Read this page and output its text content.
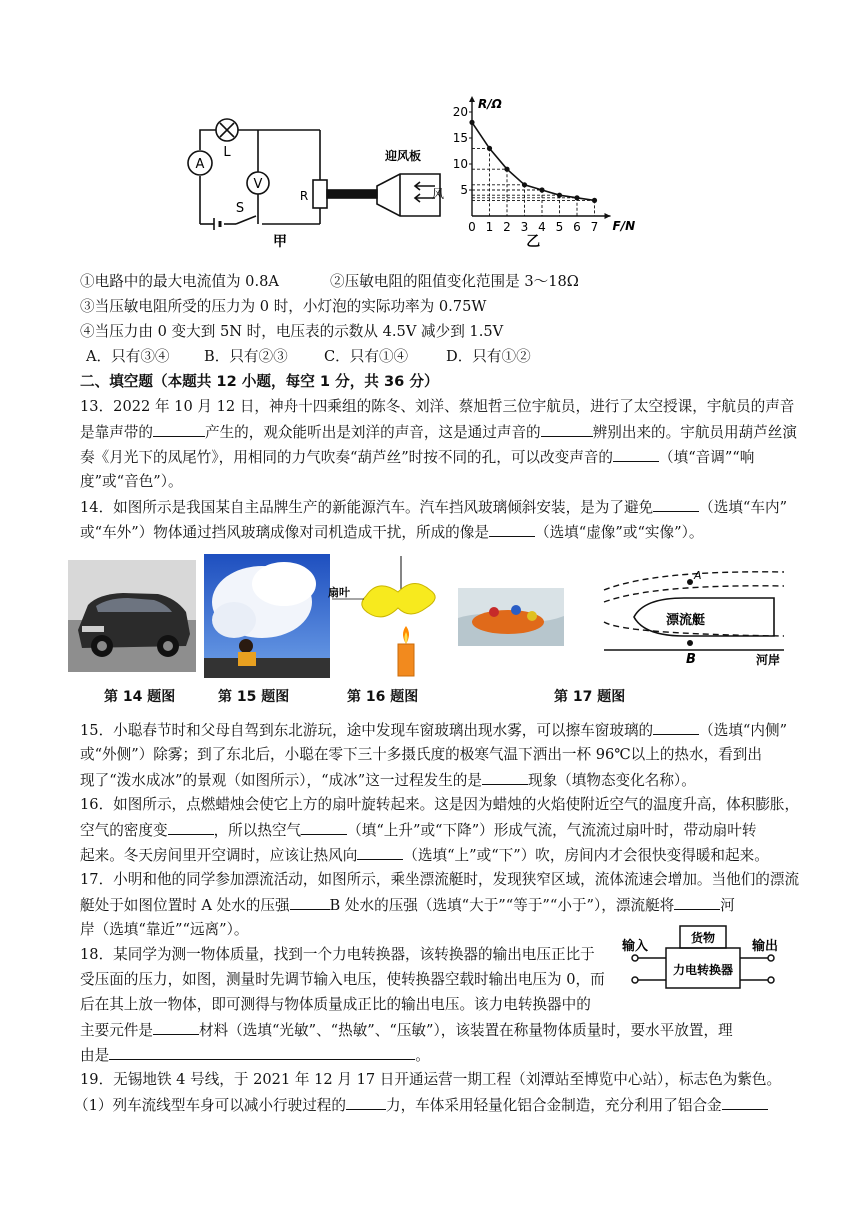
A
V
L
R
S
迎风板
风
甲
R/Ω
F/N
0 1 2 3 4 5 6 7
5
10
15
20
乙
①电路中的最大电流值为 0.8A	②压敏电阻的阻值变化范围是 3～18Ω
③当压敏电阻所受的压力为 0 时，小灯泡的实际功率为 0.75W
④当压力由 0 变大到 5N 时，电压表的示数从 4.5V 减少到 1.5V
A．只有③④ B．只有②③ C．只有①④	D．只有①②
二、填空题（本题共 12 小题，每空 1 分，共 36 分）
13．2022 年 10 月 12 日，神舟十四乘组的陈冬、刘洋、蔡旭哲三位宇航员，进行了太空授课，宇航员的声音
是靠声带的	产生的，观众能听出是刘洋的声音，这是通过声音的	辨别出来的。宇航员用葫芦丝演
奏《月光下的凤尾竹》，用相同的力气吹奏“葫芦丝”时按不同的孔，可以改变声音的	（填“音调”“响
度”或“音色”）。
14．如图所示是我国某自主品牌生产的新能源汽车。汽车挡风玻璃倾斜安装，是为了避免	（选填“车内”
或“车外”）物体通过挡风玻璃成像对司机造成干扰，所成的像是	（选填“虚像”或“实像”）。
扇叶
A
B
漂流艇
河岸
第 14 题图	第 15 题图	第 16 题图	第 17 题图
15．小聪春节时和父母自驾到东北游玩，途中发现车窗玻璃出现水雾，可以擦车窗玻璃的	（选填“内侧”
或“外侧”）除雾；到了东北后，小聪在零下三十多摄氏度的极寒气温下洒出一杯 96℃以上的热水，看到出
现了“泼水成冰”的景观（如图所示），“成冰”这一过程发生的是	现象（填物态变化名称）。
16．如图所示，点燃蜡烛会使它上方的扇叶旋转起来。这是因为蜡烛的火焰使附近空气的温度升高，体积膨胀，
空气的密度变	，所以热空气	（填“上升”或“下降”）形成气流，气流流过扇叶时，带动扇叶转
起来。冬天房间里开空调时，应该让热风向	（选填“上”或“下”）吹，房间内才会很快变得暖和起来。
17．小明和他的同学参加漂流活动，如图所示，乘坐漂流艇时，发现狭窄区域，流体流速会增加。当他们的漂流
艇处于如图位置时 A 处水的压强	B 处水的压强（选填“大于”“等于”“小于”），漂流艇将	河
岸（选填“靠近”“远离”）。
18．某同学为测一物体质量，找到一个力电转换器，该转换器的输出电压正比于
受压面的压力，如图，测量时先调节输入电压，使转换器空载时输出电压为 0，而
后在其上放一物体，即可测得与物体质量成正比的输出电压。该力电转换器中的
主要元件是	材料（选填“光敏”、“热敏”、“压敏”），该装置在称量物体质量时，要水平放置，理
由是	。
货物
力电转换器
输入	输出
19．无锡地铁 4 号线，于 2021 年 12 月 17 日开通运营一期工程（刘潭站至博览中心站），标志色为紫色。
（1）列车流线型车身可以减小行驶过程的	力，车体采用轻量化铝合金制造，充分利用了铝合金
